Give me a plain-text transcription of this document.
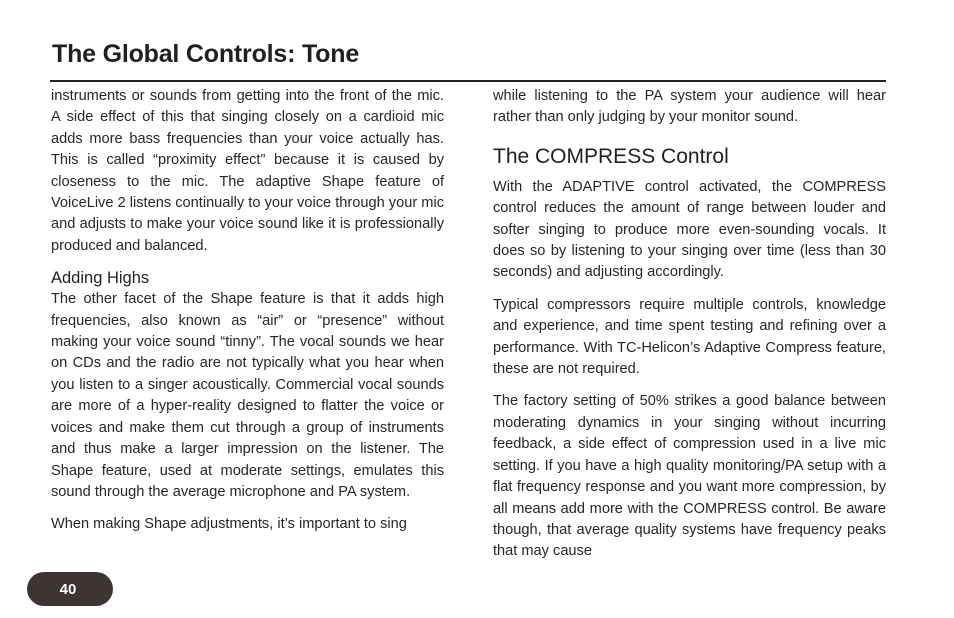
The Global Controls: Tone

instruments or sounds from getting into the front of the mic. A side effect of this that singing closely on a cardioid mic adds more bass frequencies than your voice actually has. This is called “proximity effect” because it is caused by closeness to the mic. The adaptive Shape feature of VoiceLive 2 listens continually to your voice through your mic and adjusts to make your voice sound like it is professionally produced and balanced.

Adding Highs

The other facet of the Shape feature is that it adds high frequencies, also known as “air” or “presence” without making your voice sound “tinny”. The vocal sounds we hear on CDs and the radio are not typically what you hear when you listen to a singer acoustically. Commercial vocal sounds are more of a hyper-reality designed to flatter the voice or voices and make them cut through a group of instruments and thus make a larger impression on the listener. The Shape feature, used at moderate settings, emulates this sound through the average microphone and PA system.

When making Shape adjustments, it’s important to sing

while listening to the PA system your audience will hear rather than only judging by your monitor sound.

The COMPRESS Control

With the ADAPTIVE control activated, the COMPRESS control reduces the amount of range between louder and softer singing to produce more even-sounding vocals. It does so by listening to your singing over time (less than 30 seconds) and adjusting accordingly.

Typical compressors require multiple controls, knowledge and experience, and time spent testing and refining over a performance. With TC-Helicon’s Adaptive Compress feature, these are not required.

The factory setting of 50% strikes a good balance between moderating dynamics in your singing without incurring feedback, a side effect of compression used in a live mic setting. If you have a high quality monitoring/PA setup with a flat frequency response and you want more compression, by all means add more with the COMPRESS control. Be aware though, that average quality systems have frequency peaks that may cause

40
